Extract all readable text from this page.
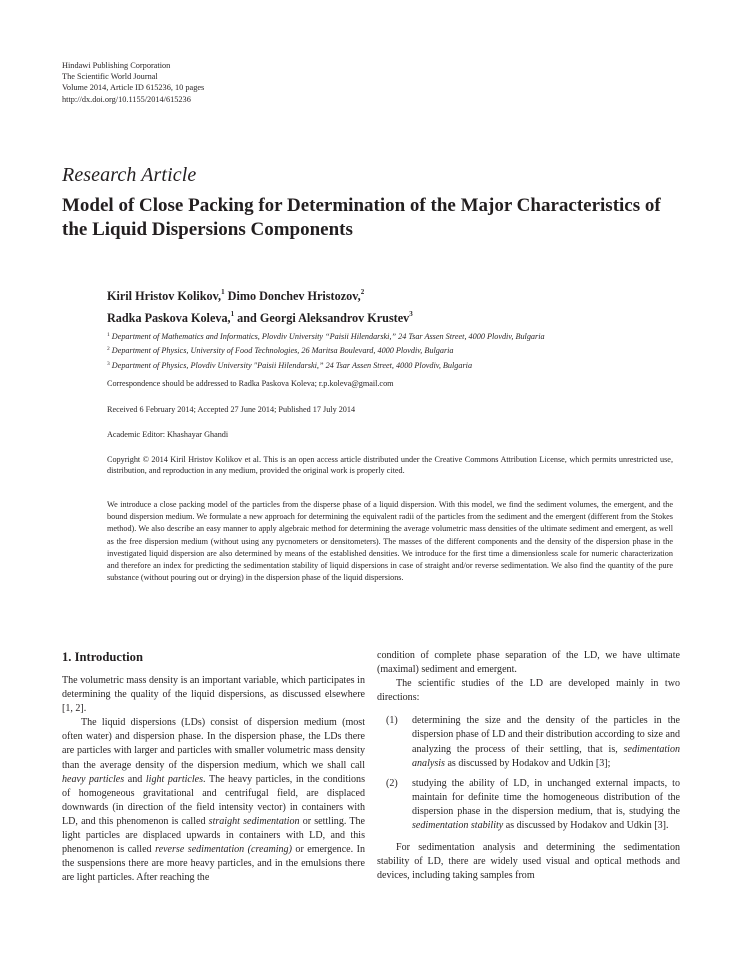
Hindawi Publishing Corporation
The Scientific World Journal
Volume 2014, Article ID 615236, 10 pages
http://dx.doi.org/10.1155/2014/615236
Research Article
Model of Close Packing for Determination of the Major Characteristics of the Liquid Dispersions Components
Kiril Hristov Kolikov,$^1$ Dimo Donchev Hristozov,$^2$
Radka Paskova Koleva,$^1$ and Georgi Aleksandrov Krustev$^3$
$^1$ Department of Mathematics and Informatics, Plovdiv University “Paisii Hilendarski,” 24 Tsar Assen Street, 4000 Plovdiv, Bulgaria
$^2$ Department of Physics, University of Food Technologies, 26 Maritsa Boulevard, 4000 Plovdiv, Bulgaria
$^3$ Department of Physics, Plovdiv University "Paisii Hilendarski,” 24 Tsar Assen Street, 4000 Plovdiv, Bulgaria
Correspondence should be addressed to Radka Paskova Koleva; r.p.koleva@gmail.com
Received 6 February 2014; Accepted 27 June 2014; Published 17 July 2014
Academic Editor: Khashayar Ghandi
Copyright © 2014 Kiril Hristov Kolikov et al. This is an open access article distributed under the Creative Commons Attribution License, which permits unrestricted use, distribution, and reproduction in any medium, provided the original work is properly cited.
We introduce a close packing model of the particles from the disperse phase of a liquid dispersion. With this model, we find the sediment volumes, the emergent, and the bound dispersion medium. We formulate a new approach for determining the equivalent radii of the particles from the sediment and the emergent (different from the Stokes method). We also describe an easy manner to apply algebraic method for determining the average volumetric mass densities of the ultimate sediment and emergent, as well as the free dispersion medium (without using any pycnometers or densitometers). The masses of the different components and the density of the dispersion phase in the investigated liquid dispersion are also determined by means of the established densities. We introduce for the first time a dimensionless scale for numeric characterization and therefore an index for predicting the sedimentation stability of liquid dispersions in case of straight and/or reverse sedimentation. We also find the quantity of the pure substance (without pouring out or drying) in the dispersion phase of the liquid dispersions.
1. Introduction

The volumetric mass density is an important variable, which participates in determining the quality of the liquid dispersions, as discussed elsewhere [1, 2].

The liquid dispersions (LDs) consist of dispersion medium (most often water) and dispersion phase. In the dispersion phase, the LDs there are particles with larger and particles with smaller volumetric mass density than the average density of the dispersion medium, which we shall call heavy particles and light particles. The heavy particles, in the conditions of homogeneous gravitational and centrifugal field, are displaced downwards (in direction of the field intensity vector) in containers with LD, and this phenomenon is called straight sedimentation or settling. The light particles are displaced upwards in containers with LD, and this phenomenon is called reverse sedimentation (creaming) or emergence. In the suspensions there are more heavy particles, and in the emulsions there are light particles. After reaching the

condition of complete phase separation of the LD, we have ultimate (maximal) sediment and emergent.

The scientific studies of the LD are developed mainly in two directions:

(1) determining the size and the density of the particles in the dispersion phase of LD and their distribution according to size and analyzing the process of their settling, that is, sedimentation analysis as discussed by Hodakov and Udkin [3];
(2) studying the ability of LD, in unchanged external impacts, to maintain for definite time the homogeneous distribution of the dispersion phase in the dispersion medium, that is, studying the sedimentation stability as discussed by Hodakov and Udkin [3].

For sedimentation analysis and determining the sedimentation stability of LD, there are widely used visual and optical methods and devices, including taking samples from
